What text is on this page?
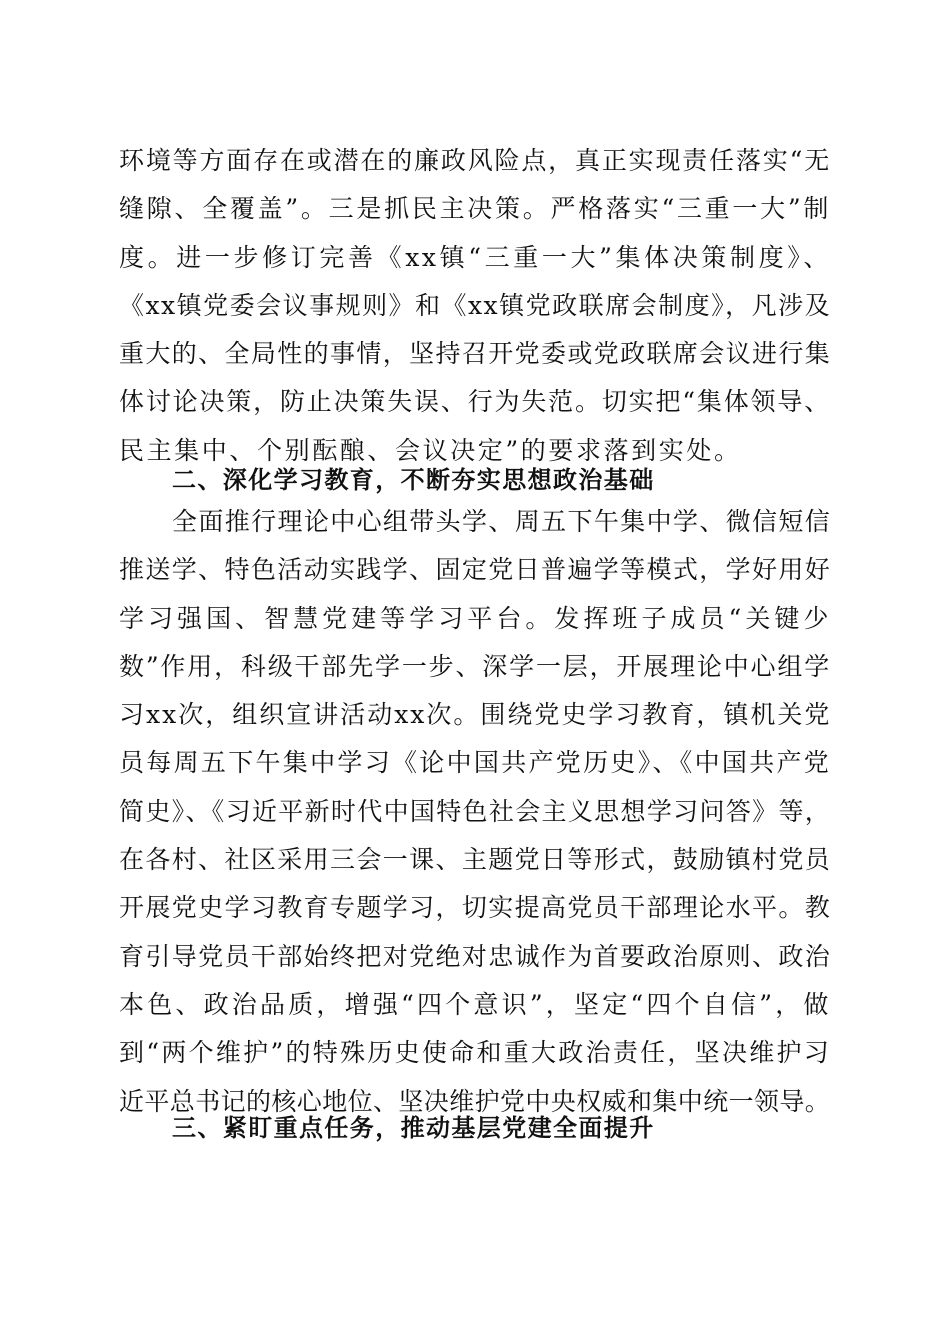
环境等方面存在或潜在的廉政风险点，真正实现责任落实“无
缝隙、全覆盖”。三是抓民主决策。严格落实“三重一大”制
度。进一步修订完善《xx镇“三重一大”集体决策制度》、
《xx镇党委会议事规则》和《xx镇党政联席会制度》，凡涉及
重大的、全局性的事情，坚持召开党委或党政联席会议进行集
体讨论决策，防止决策失误、行为失范。切实把“集体领导、
民主集中、个别酝酿、会议决定”的要求落到实处。
二、深化学习教育，不断夯实思想政治基础
全面推行理论中心组带头学、周五下午集中学、微信短信
推送学、特色活动实践学、固定党日普遍学等模式，学好用好
学习强国、智慧党建等学习平台。发挥班子成员“关键少
数”作用，科级干部先学一步、深学一层，开展理论中心组学
习xx次，组织宣讲活动xx次。围绕党史学习教育，镇机关党
员每周五下午集中学习《论中国共产党历史》、《中国共产党
简史》、《习近平新时代中国特色社会主义思想学习问答》等，
在各村、社区采用三会一课、主题党日等形式，鼓励镇村党员
开展党史学习教育专题学习，切实提高党员干部理论水平。教
育引导党员干部始终把对党绝对忠诚作为首要政治原则、政治
本色、政治品质，增强“四个意识”，坚定“四个自信”，做
到“两个维护”的特殊历史使命和重大政治责任，坚决维护习
近平总书记的核心地位、坚决维护党中央权威和集中统一领导。
三、紧盯重点任务，推动基层党建全面提升
